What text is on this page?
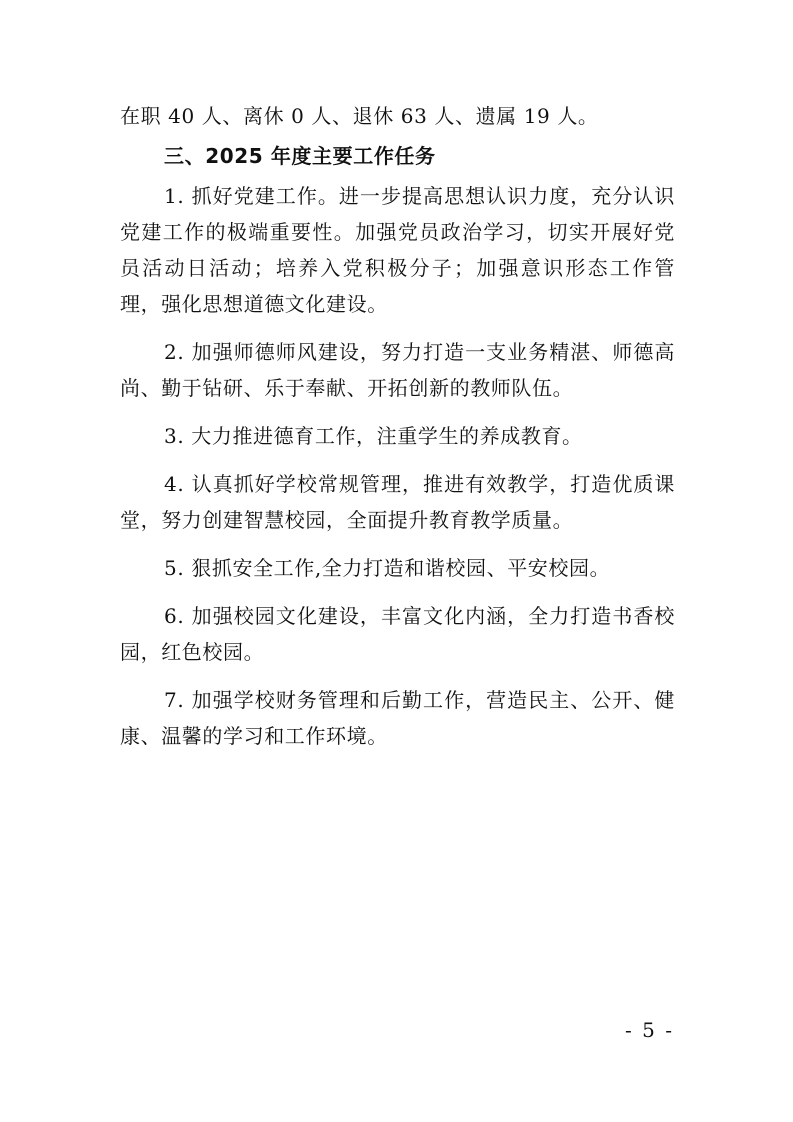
在职 40 人、离休 0 人、退休 63 人、遗属 19 人。

三、2025 年度主要工作任务

1. 抓好党建工作。进一步提高思想认识力度，充分认识党建工作的极端重要性。加强党员政治学习，切实开展好党员活动日活动；培养入党积极分子；加强意识形态工作管理，强化思想道德文化建设。

2. 加强师德师风建设，努力打造一支业务精湛、师德高尚、勤于钻研、乐于奉献、开拓创新的教师队伍。

3. 大力推进德育工作，注重学生的养成教育。

4. 认真抓好学校常规管理，推进有效教学，打造优质课堂，努力创建智慧校园，全面提升教育教学质量。

5. 狠抓安全工作,全力打造和谐校园、平安校园。

6. 加强校园文化建设，丰富文化内涵，全力打造书香校园，红色校园。

7. 加强学校财务管理和后勤工作，营造民主、公开、健康、温馨的学习和工作环境。

- 5 -
